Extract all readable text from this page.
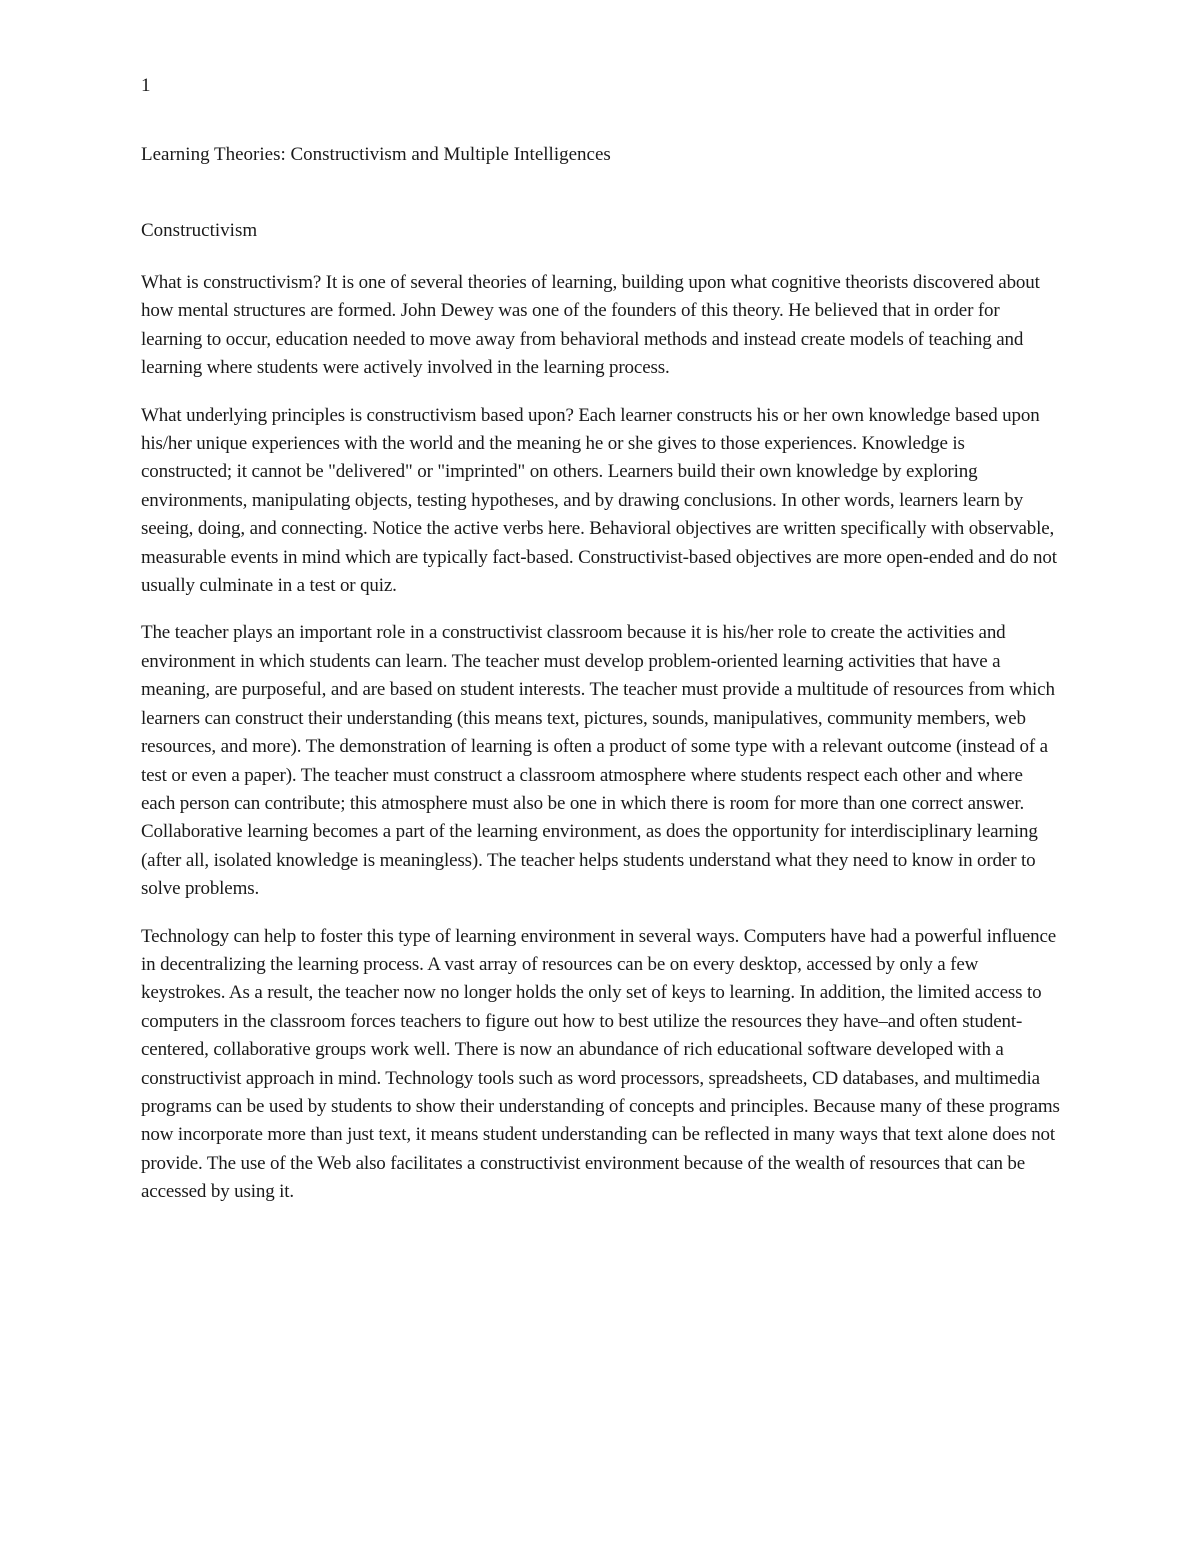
1

Learning Theories: Constructivism and Multiple Intelligences
Constructivism

What is constructivism? It is one of several theories of learning, building upon what cognitive theorists discovered about how mental structures are formed. John Dewey was one of the founders of this theory. He believed that in order for learning to occur, education needed to move away from behavioral methods and instead create models of teaching and learning where students were actively involved in the learning process.

What underlying principles is constructivism based upon? Each learner constructs his or her own knowledge based upon his/her unique experiences with the world and the meaning he or she gives to those experiences. Knowledge is constructed; it cannot be "delivered" or "imprinted" on others. Learners build their own knowledge by exploring environments, manipulating objects, testing hypotheses, and by drawing conclusions. In other words, learners learn by seeing, doing, and connecting. Notice the active verbs here. Behavioral objectives are written specifically with observable, measurable events in mind which are typically fact-based. Constructivist-based objectives are more open-ended and do not usually culminate in a test or quiz.

The teacher plays an important role in a constructivist classroom because it is his/her role to create the activities and environment in which students can learn. The teacher must develop problem-oriented learning activities that have a meaning, are purposeful, and are based on student interests. The teacher must provide a multitude of resources from which learners can construct their understanding (this means text, pictures, sounds, manipulatives, community members, web resources, and more). The demonstration of learning is often a product of some type with a relevant outcome (instead of a test or even a paper). The teacher must construct a classroom atmosphere where students respect each other and where each person can contribute; this atmosphere must also be one in which there is room for more than one correct answer. Collaborative learning becomes a part of the learning environment, as does the opportunity for interdisciplinary learning (after all, isolated knowledge is meaningless). The teacher helps students understand what they need to know in order to solve problems.

Technology can help to foster this type of learning environment in several ways. Computers have had a powerful influence in decentralizing the learning process. A vast array of resources can be on every desktop, accessed by only a few keystrokes. As a result, the teacher now no longer holds the only set of keys to learning. In addition, the limited access to computers in the classroom forces teachers to figure out how to best utilize the resources they have–and often student-centered, collaborative groups work well. There is now an abundance of rich educational software developed with a constructivist approach in mind. Technology tools such as word processors, spreadsheets, CD databases, and multimedia programs can be used by students to show their understanding of concepts and principles. Because many of these programs now incorporate more than just text, it means student understanding can be reflected in many ways that text alone does not provide. The use of the Web also facilitates a constructivist environment because of the wealth of resources that can be accessed by using it.
